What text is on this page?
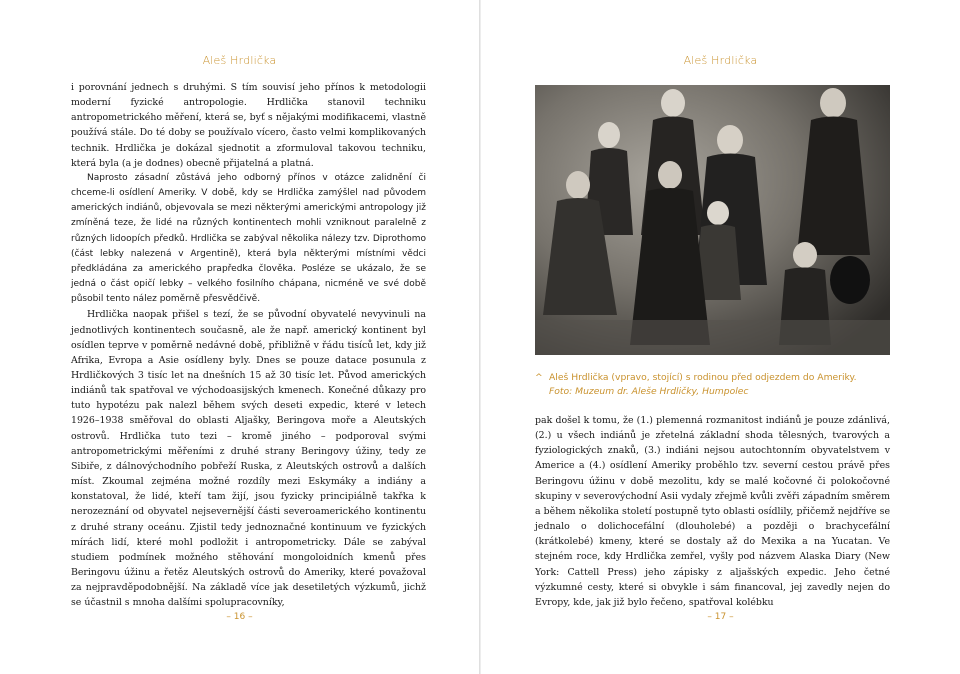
Aleš Hrdlička

i porovnání jednech s druhými. S tím souvisí jeho přínos k metodologii moderní fyzické antropologie. Hrdlička stanovil techniku antropometrického měření, která se, byť s nějakými modifikacemi, vlastně používá stále. Do té doby se používalo vícero, často velmi komplikovaných technik. Hrdlička je dokázal sjednotit a zformuloval takovou techniku, která byla (a je dodnes) obecně přijatelná a platná.

Naprosto zásadní zůstává jeho odborný přínos v otázce zalidnění či chceme-li osídlení Ameriky. V době, kdy se Hrdlička zamýšlel nad původem amerických indiánů, objevovala se mezi některými americkými antropology již zmíněná teze, že lidé na různých kontinentech mohli vzniknout paralelně z různých lidoopích předků. Hrdlička se zabýval několika nálezy tzv. Diprothomo (část lebky nalezená v Argentině), která byla některými místními vědci předkládána za amerického prapředka člověka. Posléze se ukázalo, že se jedná o část opičí lebky – velkého fosilního chápana, nicméně ve své době působil tento nález poměrně přesvědčivě.

Hrdlička naopak přišel s tezí, že se původní obyvatelé nevyvinuli na jednotlivých kontinentech současně, ale že např. americký kontinent byl osídlen teprve v poměrně nedávné době, přibližně v řádu tisíců let, kdy již Afrika, Evropa a Asie osídleny byly. Dnes se pouze datace posunula z Hrdličkových 3 tisíc let na dnešních 15 až 30 tisíc let. Původ amerických indiánů tak spatřoval ve východoasijských kmenech. Konečné důkazy pro tuto hypotézu pak nalezl během svých deseti expedic, které v letech 1926–1938 směřoval do oblasti Aljašky, Beringova moře a Aleutských ostrovů. Hrdlička tuto tezi – kromě jiného – podporoval svými antropometrickými měřeními z druhé strany Beringovy úžiny, tedy ze Sibiře, z dálnovýchodního pobřeží Ruska, z Aleutských ostrovů a dalších míst. Zkoumal zejména možné rozdíly mezi Eskymáky a indiány a konstatoval, že lidé, kteří tam žijí, jsou fyzicky principiálně takřka k nerozeznání od obyvatel nejsevernější části severoamerického kontinentu z druhé strany oceánu. Zjistil tedy jednoznačné kontinuum ve fyzických mírách lidí, které mohl podložit i antropometricky. Dále se zabýval studiem podmínek možného stěhování mongoloidních kmenů přes Beringovu úžinu a řetěz Aleutských ostrovů do Ameriky, které považoval za nejpravděpodobnější. Na základě více jak desetiletých výzkumů, jichž se účastnil s mnoha dalšími spolupracovníky,

– 16 –
Aleš Hrdlička
^ Aleš Hrdlička (vpravo, stojící) s rodinou před odjezdem do Ameriky.
Foto: Muzeum dr. Aleše Hrdličky, Humpolec

pak došel k tomu, že (1.) plemenná rozmanitost indiánů je pouze zdánlivá, (2.) u všech indiánů je zřetelná základní shoda tělesných, tvarových a fyziologických znaků, (3.) indiáni nejsou autochtonním obyvatelstvem v Americe a (4.) osídlení Ameriky proběhlo tzv. severní cestou právě přes Beringovu úžinu v době mezolitu, kdy se malé kočovné či polokočovné skupiny v severovýchodní Asii vydaly zřejmě kvůli zvěři západním směrem a během několika století postupně tyto oblasti osídlily, přičemž nejdříve se jednalo o dolichocefální (dlouholebé) a později o brachycefální (krátkolebé) kmeny, které se dostaly až do Mexika a na Yucatan. Ve stejném roce, kdy Hrdlička zemřel, vyšly pod názvem Alaska Diary (New York: Cattell Press) jeho zápisky z aljašských expedic. Jeho četné výzkumné cesty, které si obvykle i sám financoval, jej zavedly nejen do Evropy, kde, jak již bylo řečeno, spatřoval kolébku

– 17 –
